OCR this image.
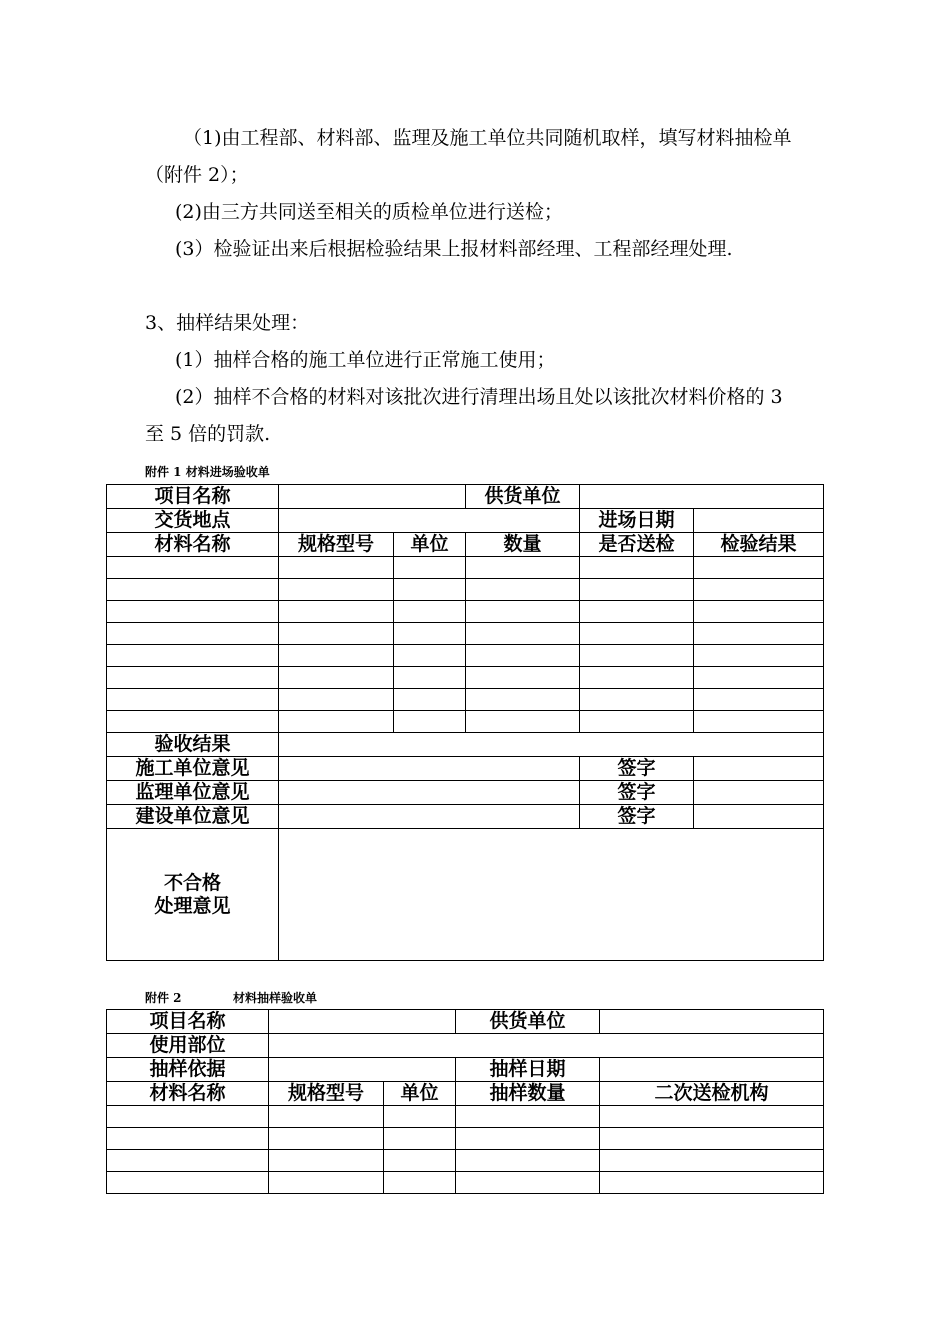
（1)由工程部、材料部、监理及施工单位共同随机取样，填写材料抽检单（附件 2）；

(2)由三方共同送至相关的质检单位进行送检；

(3）检验证出来后根据检验结果上报材料部经理、工程部经理处理.

3、抽样结果处理：

(1）抽样合格的施工单位进行正常施工使用；

(2）抽样不合格的材料对该批次进行清理出场且处以该批次材料价格的 3 至 5 倍的罚款.

附件 1 材料进场验收单
项目名称			供货单位		
交货地点				进场日期	
材料名称	规格型号	单位	数量	是否送检	检验结果

验收结果					
施工单位意见				签字	
监理单位意见				签字	
建设单位意见				签字	

不合格
处理意见					

附件 2	材料抽样验收单
项目名称			供货单位	
使用部位				
抽样依据			抽样日期	
材料名称	规格型号	单位	抽样数量	二次送检机构
